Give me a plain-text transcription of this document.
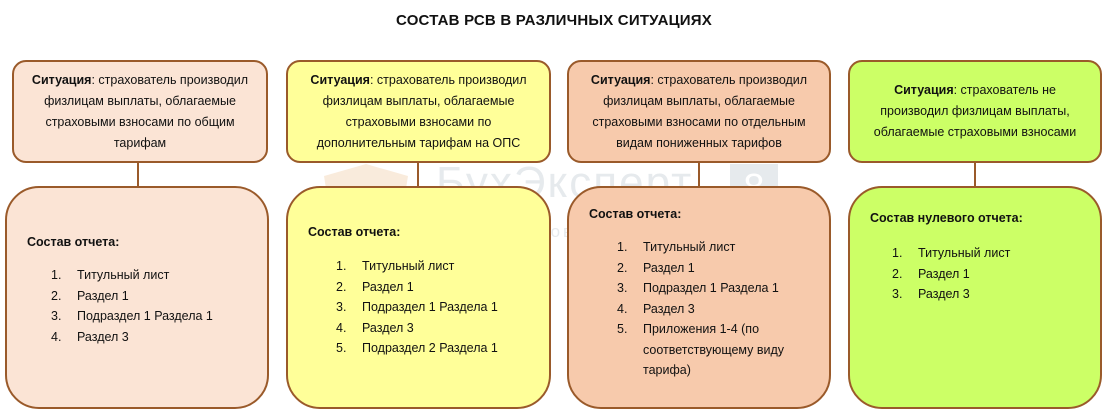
СОСТАВ РСВ В РАЗЛИЧНЫХ СИТУАЦИЯХ
БухЭксперт
Ситуация: страхователь производил физлицам выплаты, облагаемые страховыми взносами по общим тарифам
Состав отчета:
1.	Титульный лист
2.	Раздел 1
3.	Подраздел 1 Раздела 1
4.	Раздел 3
Ситуация: страхователь производил физлицам выплаты, облагаемые страховыми взносами по дополнительным тарифам на ОПС
Состав отчета:
1.	Титульный лист
2.	Раздел 1
3.	Подраздел 1 Раздела 1
4.	Раздел 3
5.	Подраздел 2 Раздела 1
Ситуация: страхователь производил физлицам выплаты, облагаемые страховыми взносами по отдельным видам пониженных тарифов
Состав отчета:
1.	Титульный лист
2.	Раздел 1
3.	Подраздел 1 Раздела 1
4.	Раздел 3
5.	Приложения 1-4 (по соответствующему виду тарифа)
Ситуация: страхователь не производил физлицам выплаты, облагаемые страховыми взносами
Состав нулевого отчета:
1.	Титульный лист
2.	Раздел 1
3.	Раздел 3
